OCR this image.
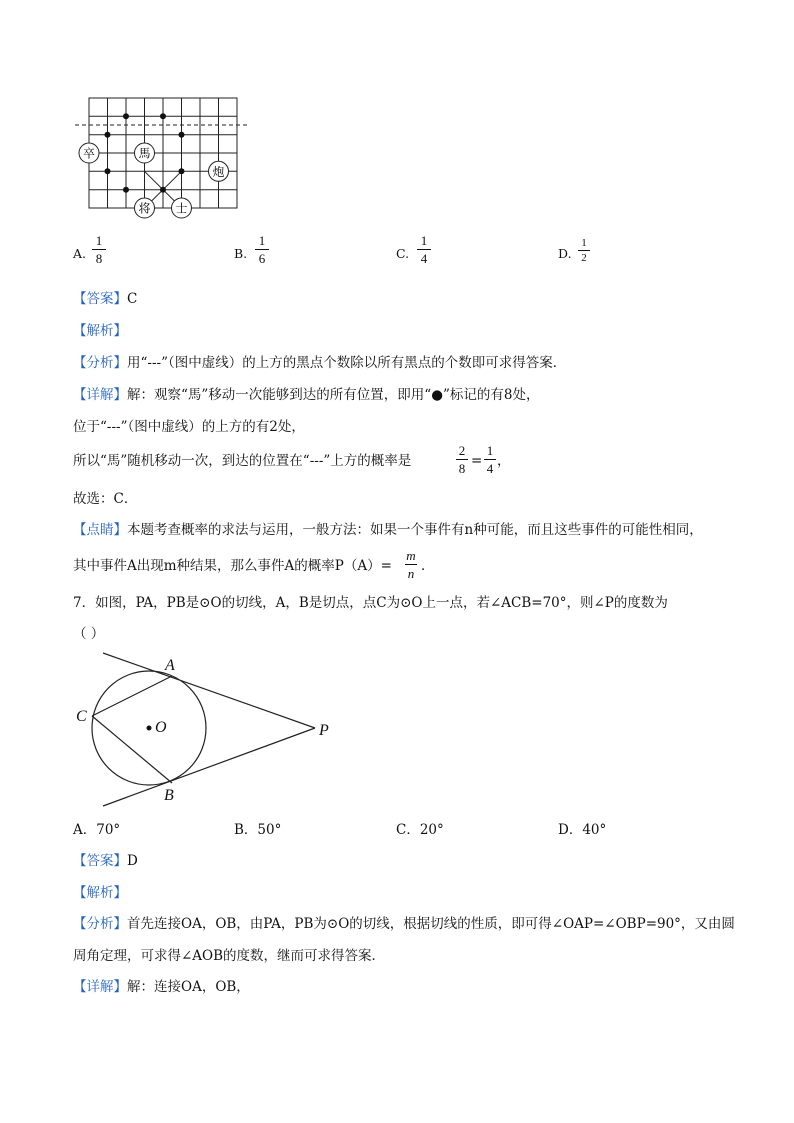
卒	馬
炮
将 士
A.
1
8	B.
1
6	C.
1
4	D.
1
2
【答案】C
【解析】
【分析】用“---”（图中虚线）的上方的黑点个数除以所有黑点的个数即可求得答案．
【详解】解：观察“馬”移动一次能够到达的所有位置，即用“●”标记的有8处，
位于“---”（图中虚线）的上方的有2处，
所以“馬”随机移动一次，到达的位置在“---”上方的概率是
2
8 =
1
4 ，
故选：C．
【点睛】本题考查概率的求法与运用，一般方法：如果一个事件有n种可能，而且这些事件的可能性相同，
其中事件A出现m种结果，那么事件A的概率P（A）=
m
n ．
7．如图，PA，PB是⊙O的切线，A，B是切点，点C为⊙O上一点，若∠ACB=70°，则∠P的度数为
（ ）
A
B
C
O	P
A．70°	B．50°	C．20°	D．40°
【答案】D
【解析】
【分析】首先连接OA，OB，由PA，PB为⊙O的切线，根据切线的性质，即可得∠OAP=∠OBP=90°，又由圆
周角定理，可求得∠AOB的度数，继而可求得答案．
【详解】解：连接OA，OB，
